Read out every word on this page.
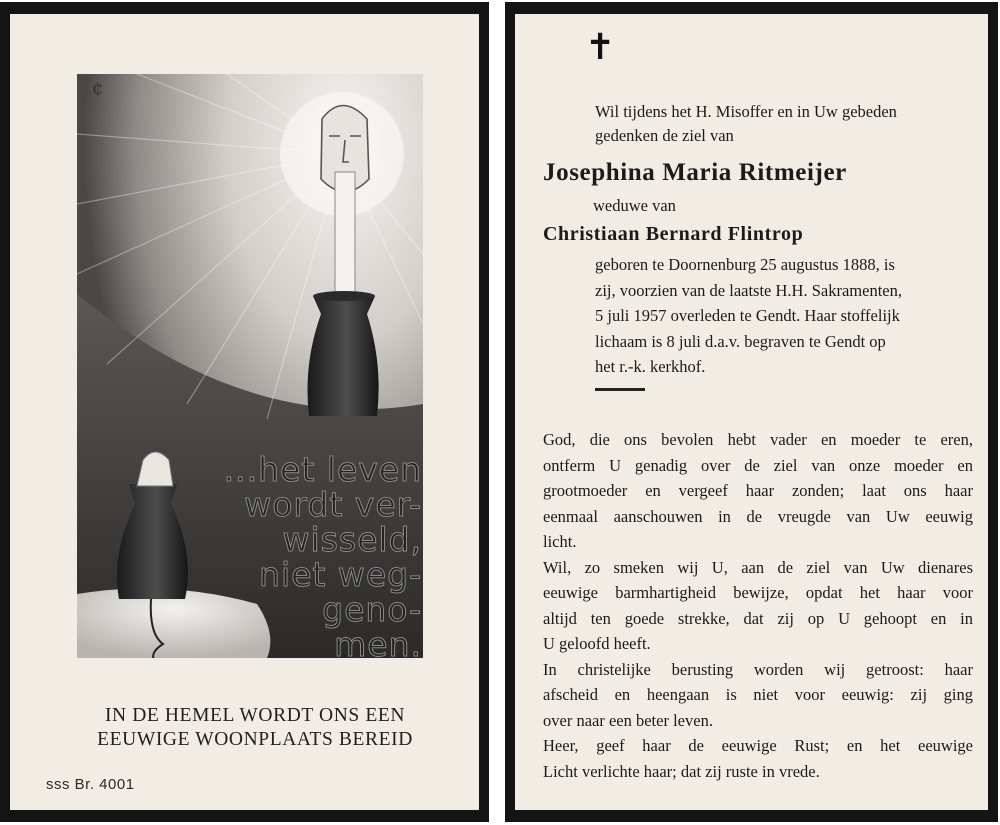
¢
...het leven
wordt ver-
wisseld,
niet weg-
geno-
men.
IN DE HEMEL WORDT ONS EEN
EEUWIGE WOONPLAATS BEREID
sss Br. 4001
✝
Wil tijdens het H. Misoffer en in Uw gebeden
gedenken de ziel van
Josephina Maria Ritmeijer
weduwe van
Christiaan Bernard Flintrop
geboren te Doornenburg 25 augustus 1888, is
zij, voorzien van de laatste H.H. Sakramenten,
5 juli 1957 overleden te Gendt. Haar stoffelijk
lichaam is 8 juli d.a.v. begraven te Gendt op
het r.-k. kerkhof.
God, die ons bevolen hebt vader en moeder te eren,
ontferm U genadig over de ziel van onze moeder en
grootmoeder en vergeef haar zonden; laat ons haar
eenmaal aanschouwen in de vreugde van Uw eeuwig
licht.
Wil, zo smeken wij U, aan de ziel van Uw dienares
eeuwige barmhartigheid bewijze, opdat het haar voor
altijd ten goede strekke, dat zij op U gehoopt en in
U geloofd heeft.
In christelijke berusting worden wij getroost: haar
afscheid en heengaan is niet voor eeuwig: zij ging
over naar een beter leven.
Heer, geef haar de eeuwige Rust; en het eeuwige
Licht verlichte haar; dat zij ruste in vrede.
